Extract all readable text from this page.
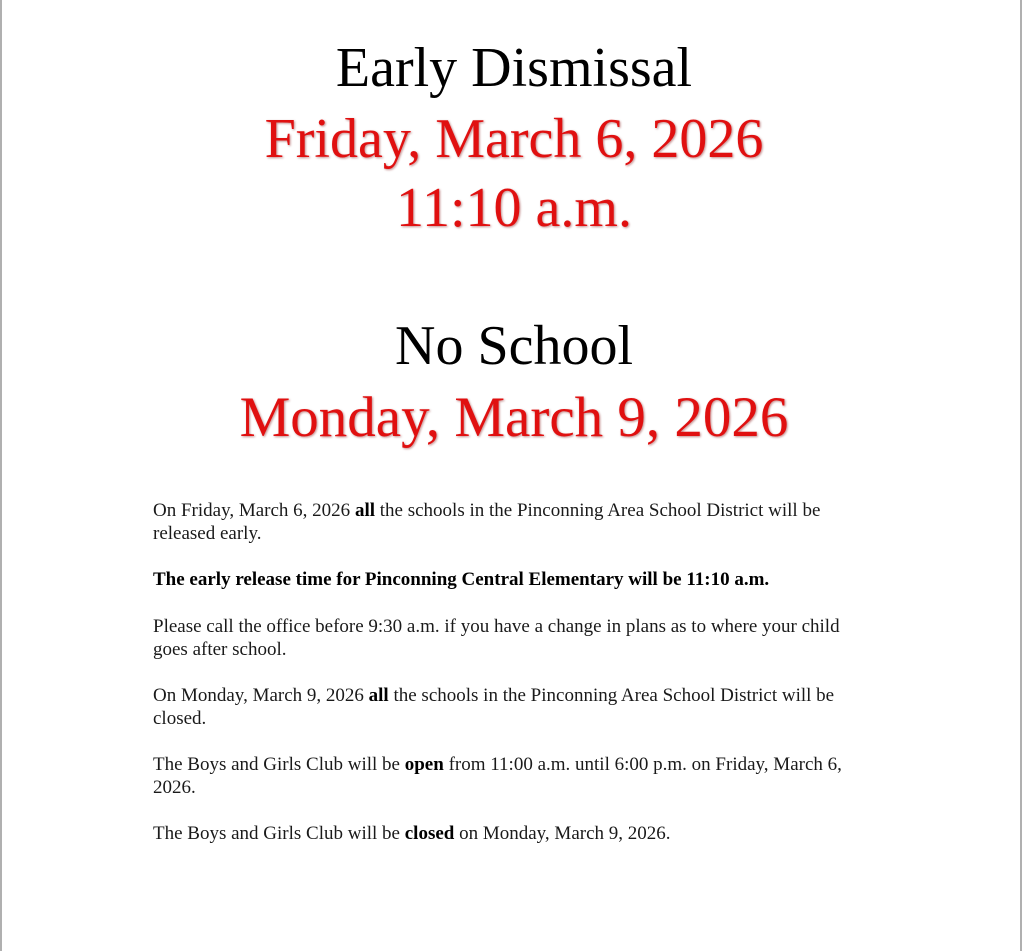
Early Dismissal
Friday, March 6, 2026
11:10 a.m.
No School
Monday, March 9, 2026

On Friday, March 6, 2026 all the schools in the Pinconning Area School District will be released early.

The early release time for Pinconning Central Elementary will be 11:10 a.m.

Please call the office before 9:30 a.m. if you have a change in plans as to where your child goes after school.

On Monday, March 9, 2026 all the schools in the Pinconning Area School District will be closed.

The Boys and Girls Club will be open from 11:00 a.m. until 6:00 p.m. on Friday, March 6, 2026.

The Boys and Girls Club will be closed on Monday, March 9, 2026.
